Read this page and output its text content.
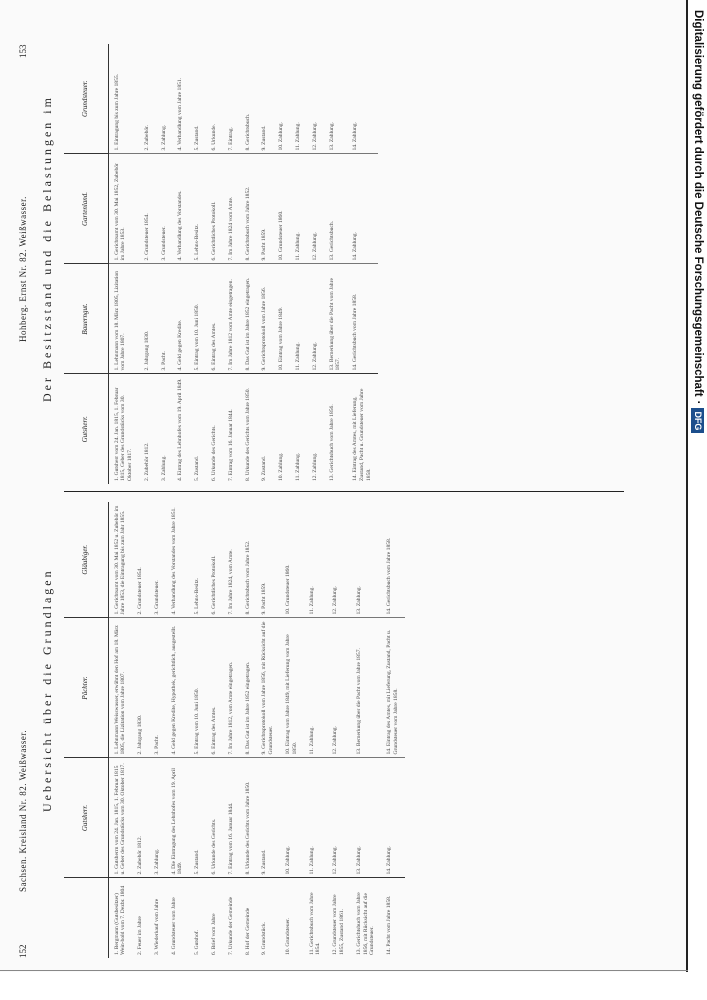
152
Sachsen. Kreisland Nr. 82. Weißwasser. Uebersicht über die Grundlagen
	Gutsherr.	Pächter.	Gläubiger.
1. Bergmann (Gutsbesitzer) Wein-hold vom 7. Dezbr. 1804	1. Gutsherrn vom 24. Jan. 1815, 1. Februar 1815 u. Geber des Grundstücks vom 30. Oktober 1817.	1. Lehnmann Weisswasser, erwähnt den Hof am 18. März 1805, die Lizitation vom Jahre 1807.	1. Gerichtsamt vom 30. Mai 1852 u. Zubehör im Jahre 1853, die Eintragung bis zum Jahr 1855.
2. Feuer im Jahre	2. Zubehör 1812.	2. Jahrgang 1830.	2. Grundsteuer 1854.
3. Wiederkauf vom Jahre	3. Zahlung.	3. Pacht.	3. Grundsteuer.
4. Grundsteuer vom Jahre	4. Die Eintragung des Lehnhofes vom 19. April 1849.	4. Geld gegen Kredite, Hypothek, gerichtlich, ausgestellt.	4. Verhandlung des Vorstandes vom Jahre 1851.
5. Gutshof.	5. Zustand.	5. Eintrag vom 10. Juni 1850.	5. Lehns-Besitz.
6. Brief vom Jahre	6. Urkunde des Gerichts.	6. Eintrag des Amtes.	6. Gerichtliches Protokoll.
7. Urkunde der Gemeinde	7. Eintrag vom 16. Januar 1844.	7. Im Jahre 1812, vom Amte eingetragen.	7. Im Jahre 1824, vom Amte.
8. Hof der Gemeinde	8. Urkunde des Gerichts vom Jahre 1850.	8. Das Gut ist im Jahre 1852 eingetragen.	8. Gerichtsbuch vom Jahre 1852.
9. Grundstück.	9. Zustand.	9. Gerichtsprotokoll vom Jahre 1856, mit Rücksicht auf die Grundsteuer.	9. Pacht 1859.
10. Grundsteuer.	10. Zahlung.	10. Eintrag vom Jahre 1849, mit Lieferung vom Jahre 1850.	10. Grundsteuer 1860.
11. Gerichtsbuch vom Jahre 1854.	11. Zahlung.	11. Zahlung.	11. Zahlung.
12. Grundsteuer vom Jahre 1855, Zustand 1861.	12. Zahlung.	12. Zahlung.	12. Zahlung.
13. Gerichtsbuch vom Jahre 1856, mit Rücksicht auf die Grundsteuer.	13. Zahlung.	13. Bemerkung über die Pacht vom Jahre 1857.	13. Zahlung.
14. Pacht vom Jahre 1858.	14. Zahlung.	14. Eintrag des Amtes, mit Lieferung, Zustand, Pacht u. Grundsteuer vom Jahre 1858.	14. Gerichtsbuch vom Jahre 1858.
Hohberg. Ernst Nr. 82. Weißwasser.
153
Der Besitzstand und die Belastungen im
Gutsherr.	Bauerngut.	Gartenland.	Grundsteuer.
1. Gutsherr vom 24. Jan. 1815, 1. Februar 1815, Geber des Grundstücks vom 30. Oktober 1817.	1. Lehnmann vom 18. März 1805, Lizitation vom Jahre 1807.	1. Gerichtsamt vom 30. Mai 1852, Zubehör im Jahre 1853.	1. Eintragung bis zum Jahre 1855.
2. Zubehör 1812.	2. Jahrgang 1830.	2. Grundsteuer 1854.	2. Zubehör.
3. Zahlung.	3. Pacht.	3. Grundsteuer.	3. Zahlung.
4. Eintrag des Lehnhofes vom 19. April 1849.	4. Geld gegen Kredite.	4. Verhandlung des Vorstandes.	4. Verhandlung vom Jahre 1851.
5. Zustand.	5. Eintrag vom 10. Juni 1850.	5. Lehns-Besitz.	5. Zustand.
6. Urkunde des Gerichts.	6. Eintrag des Amtes.	6. Gerichtliches Protokoll.	6. Urkunde.
7. Eintrag vom 16. Januar 1844.	7. Im Jahre 1812 vom Amte eingetragen.	7. Im Jahre 1824 vom Amte.	7. Eintrag.
8. Urkunde des Gerichts vom Jahre 1850.	8. Das Gut ist im Jahre 1852 eingetragen.	8. Gerichtsbuch vom Jahre 1852.	8. Gerichtsbuch.
9. Zustand.	9. Gerichtsprotokoll vom Jahre 1856.	9. Pacht 1859.	9. Zustand.
10. Zahlung.	10. Eintrag vom Jahre 1849.	10. Grundsteuer 1860.	10. Zahlung.
11. Zahlung.	11. Zahlung.	11. Zahlung.	11. Zahlung.
12. Zahlung.	12. Zahlung.	12. Zahlung.	12. Zahlung.
13. Gerichtsbuch vom Jahre 1856.	13. Bemerkung über die Pacht vom Jahre 1857.	13. Gerichtsbuch.	13. Zahlung.
14. Eintrag des Amtes, mit Lieferung, Zustand, Pacht u. Grundsteuer vom Jahre 1858.	14. Gerichtsbuch vom Jahre 1858.	14. Zahlung.	14. Zahlung.	Digitalisierung gefördert durch die Deutsche Forschungsgemeinschaft
·
DFG
